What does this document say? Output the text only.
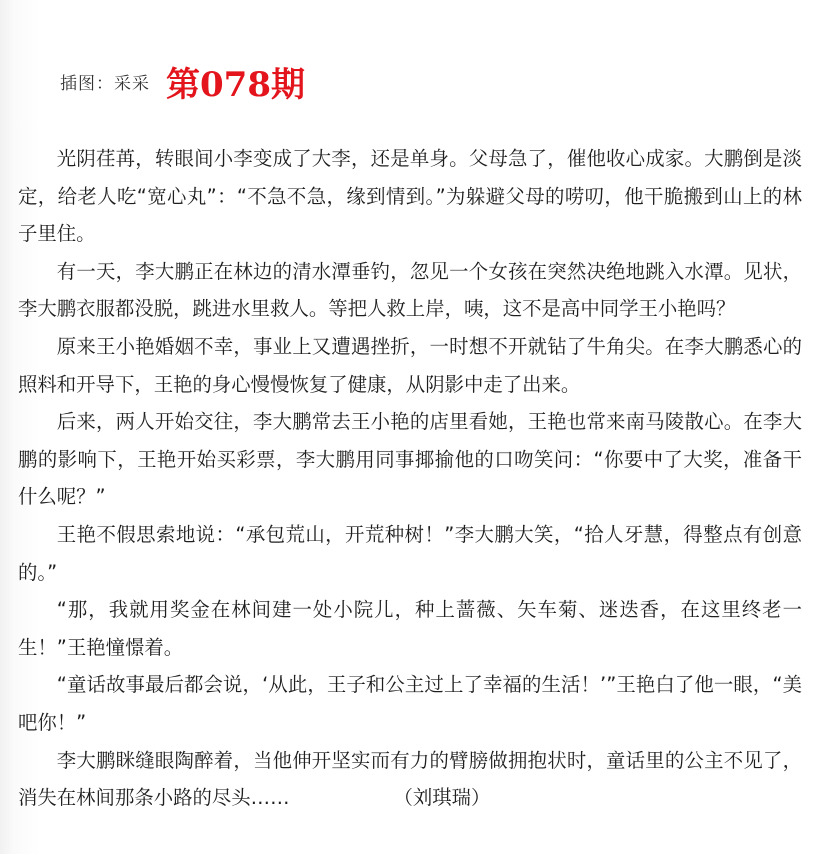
插图：采采 第078期

光阴荏苒，转眼间小李变成了大李，还是单身。父母急了，催他收心成家。大鹏倒是淡定，给老人吃“宽心丸”：“不急不急，缘到情到。”为躲避父母的唠叨，他干脆搬到山上的林子里住。

有一天，李大鹏正在林边的清水潭垂钓，忽见一个女孩在突然决绝地跳入水潭。见状，李大鹏衣服都没脱，跳进水里救人。等把人救上岸，咦，这不是高中同学王小艳吗？

原来王小艳婚姻不幸，事业上又遭遇挫折，一时想不开就钻了牛角尖。在李大鹏悉心的照料和开导下，王艳的身心慢慢恢复了健康，从阴影中走了出来。

后来，两人开始交往，李大鹏常去王小艳的店里看她，王艳也常来南马陵散心。在李大鹏的影响下，王艳开始买彩票，李大鹏用同事揶揄他的口吻笑问：“你要中了大奖，准备干什么呢？”

王艳不假思索地说：“承包荒山，开荒种树！”李大鹏大笑，“拾人牙慧，得整点有创意的。”

“那，我就用奖金在林间建一处小院儿，种上蔷薇、矢车菊、迷迭香，在这里终老一生！”王艳憧憬着。

“童话故事最后都会说，‘从此，王子和公主过上了幸福的生活！’”王艳白了他一眼，“美吧你！”

李大鹏眯缝眼陶醉着，当他伸开坚实而有力的臂膀做拥抱状时，童话里的公主不见了，消失在林间那条小路的尽头……	（刘琪瑞）
